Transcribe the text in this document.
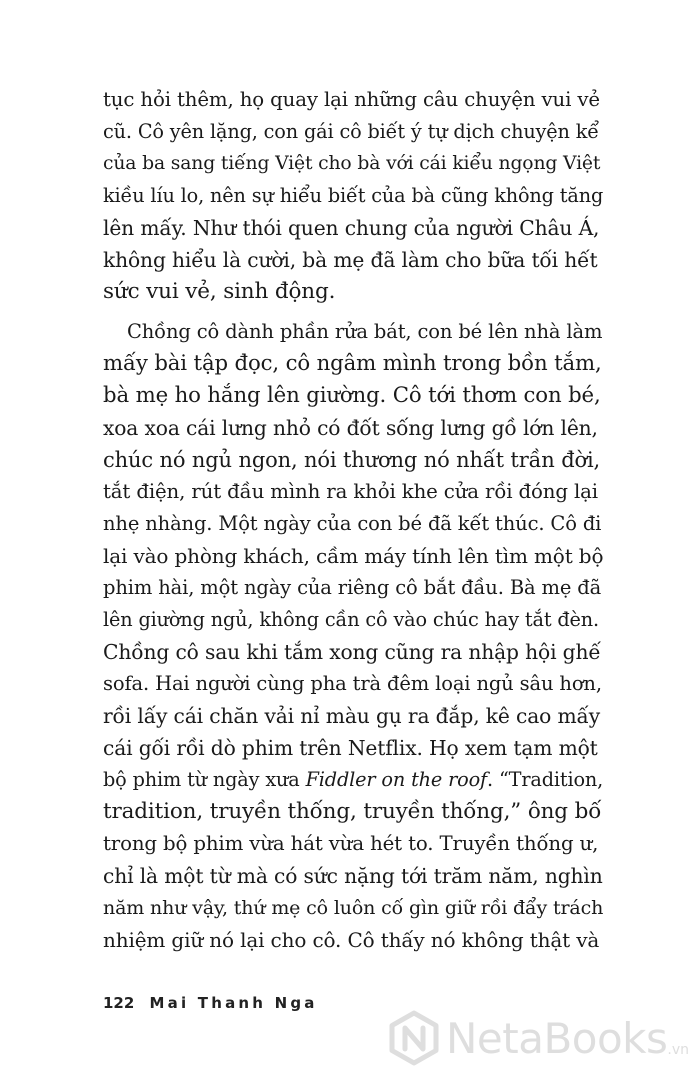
tục hỏi thêm, họ quay lại những câu chuyện vui vẻ
cũ. Cô yên lặng, con gái cô biết ý tự dịch chuyện kể
của ba sang tiếng Việt cho bà với cái kiểu ngọng Việt
kiều líu lo, nên sự hiểu biết của bà cũng không tăng
lên mấy. Như thói quen chung của người Châu Á,
không hiểu là cười, bà mẹ đã làm cho bữa tối hết
sức vui vẻ, sinh động.
Chồng cô dành phần rửa bát, con bé lên nhà làm
mấy bài tập đọc, cô ngâm mình trong bồn tắm,
bà mẹ ho hắng lên giường. Cô tới thơm con bé,
xoa xoa cái lưng nhỏ có đốt sống lưng gồ lớn lên,
chúc nó ngủ ngon, nói thương nó nhất trần đời,
tắt điện, rút đầu mình ra khỏi khe cửa rồi đóng lại
nhẹ nhàng. Một ngày của con bé đã kết thúc. Cô đi
lại vào phòng khách, cầm máy tính lên tìm một bộ
phim hài, một ngày của riêng cô bắt đầu. Bà mẹ đã
lên giường ngủ, không cần cô vào chúc hay tắt đèn.
Chồng cô sau khi tắm xong cũng ra nhập hội ghế
sofa. Hai người cùng pha trà đêm loại ngủ sâu hơn,
rồi lấy cái chăn vải nỉ màu gụ ra đắp, kê cao mấy
cái gối rồi dò phim trên Netflix. Họ xem tạm một
bộ phim từ ngày xưa Fiddler on the roof. “Tradition,
tradition, truyền thống, truyền thống,” ông bố
trong bộ phim vừa hát vừa hét to. Truyền thống ư,
chỉ là một từ mà có sức nặng tới trăm năm, nghìn
năm như vậy, thứ mẹ cô luôn cố gìn giữ rồi đẩy trách
nhiệm giữ nó lại cho cô. Cô thấy nó không thật và
122 Mai Thanh Nga
NetaBooks .vn
